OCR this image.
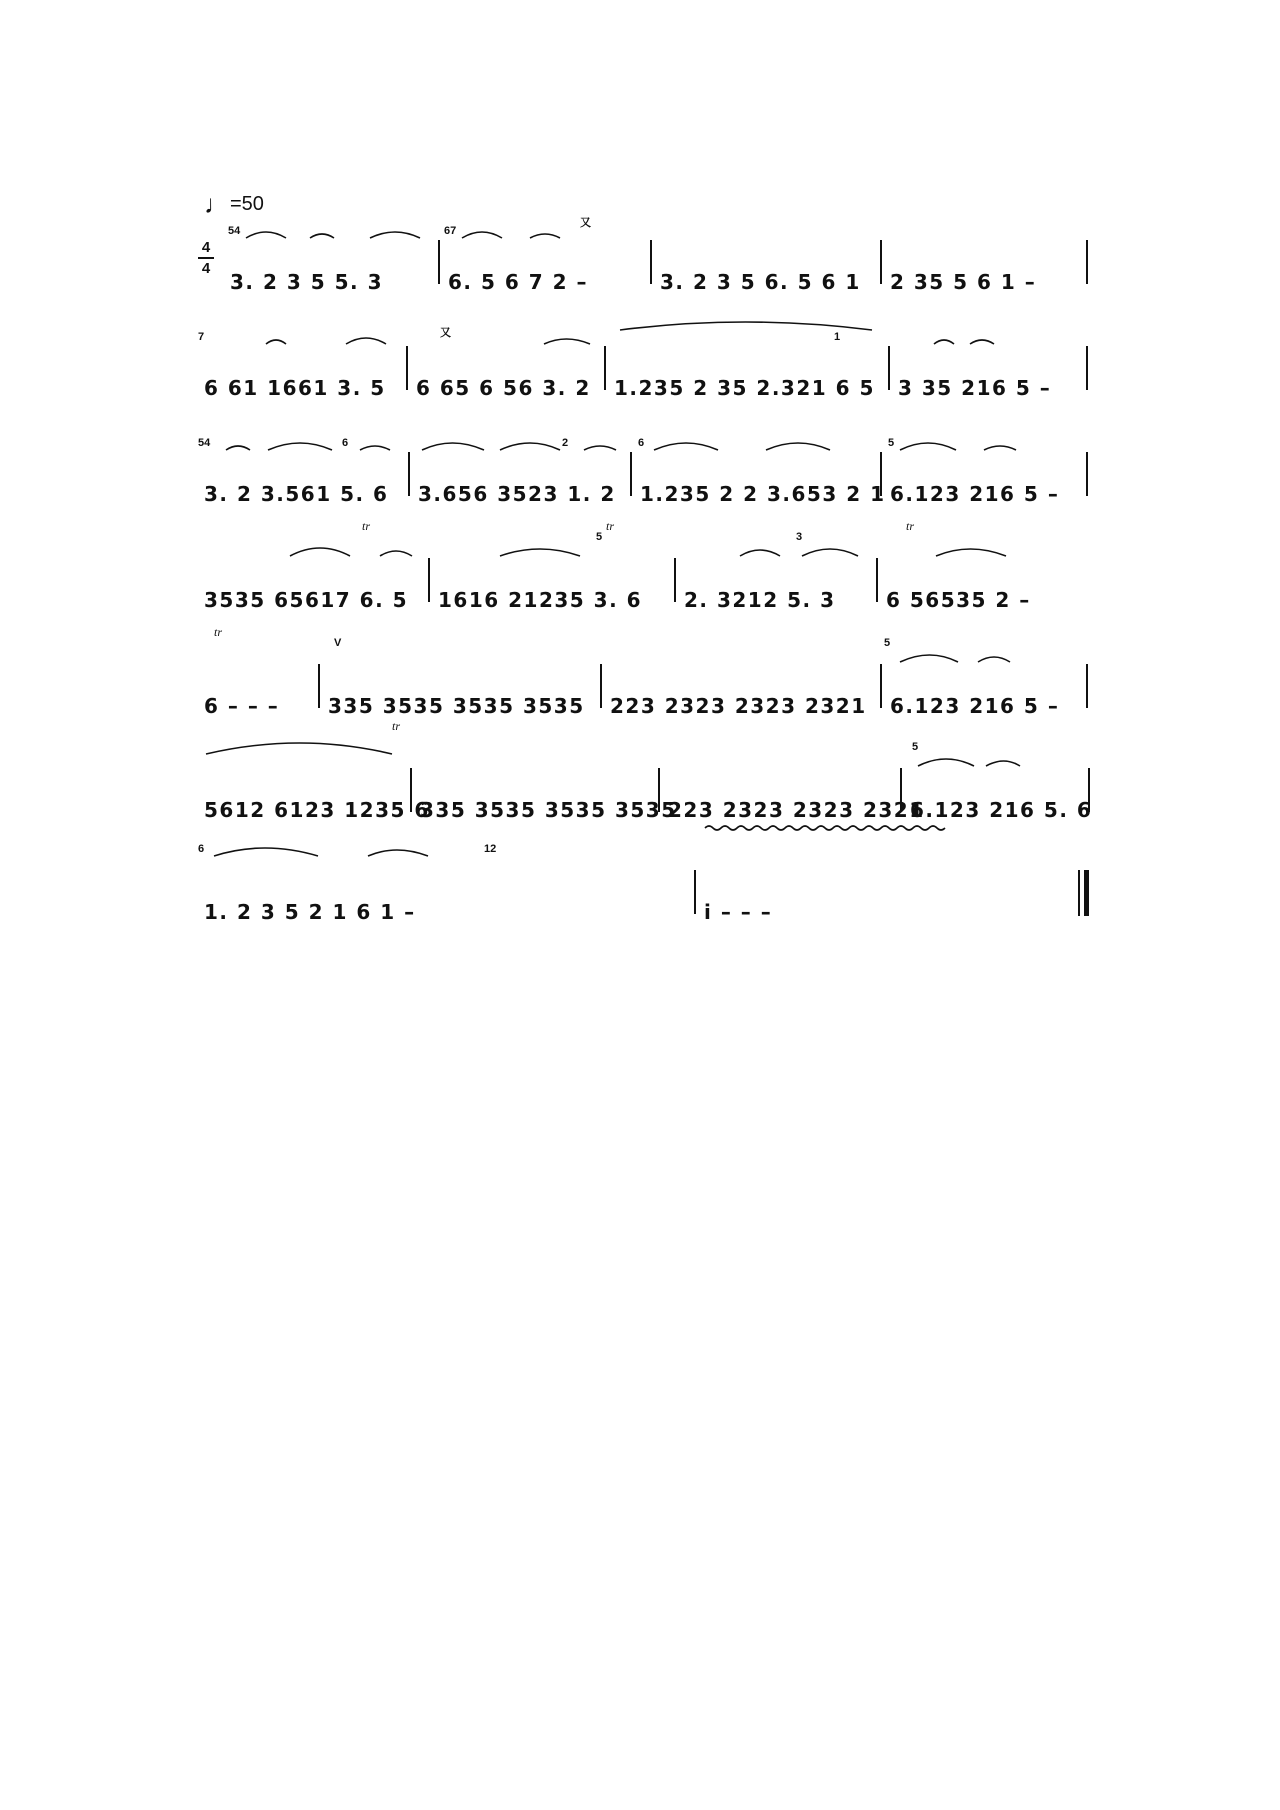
♩=50
4
4
3. 2 3 5 5. 3	6. 5 6 7 2 –	3. 2 3 5 6. 5 6 1	2 35 5 6 1 –
6 61 1661 3. 5	6 65 6 56 3. 2 1.235 2 35 2.321 6 5 3 35 216 5 –
3. 2 3.561 5. 6	3.656 3523 1. 2	1.235 2 2 3.653 2 1 6.123 216 5 –
3535 65617 6. 5	1616 21235 3. 6	2. 3212 5. 3	6 56535 2 –
6 – – –	335 3535 3535 3535	223 2323 2323 2321	6.123 216 5 –
5612 6123 1235 6
335 3535 3535 3535
223 2323 2323 2321
6.123 216 5. 6
1. 2 3 5 2 1 6 1 –	i – – –
54	67
7
54	6	2	6	5
1
5	3
5
5
6	12
V
又
又
tr	tr	tr
tr
tr
